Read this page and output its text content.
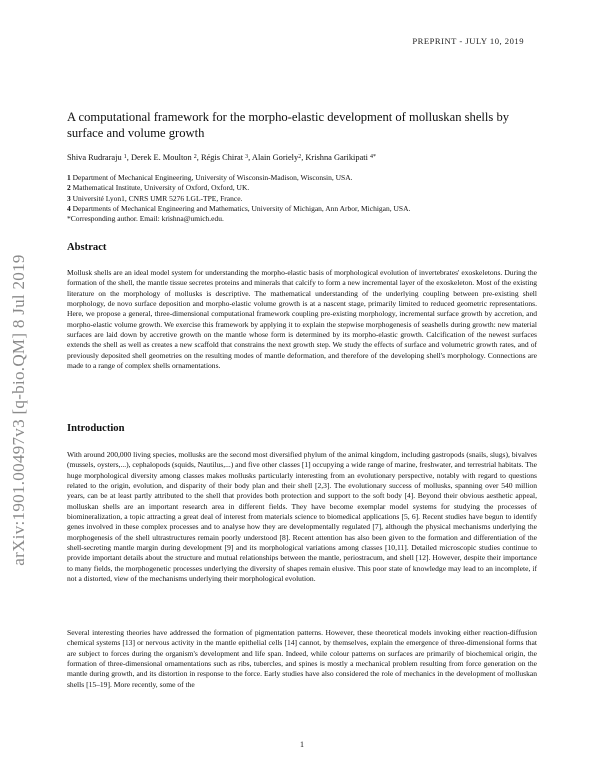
PREPRINT - JULY 10, 2019
arXiv:1901.00497v3 [q-bio.QM] 8 Jul 2019
A computational framework for the morpho-elastic development of molluskan shells by surface and volume growth
Shiva Rudraraju $^1$, Derek E. Moulton $^2$, Régis Chirat $^3$, Alain Goriely$^2$, Krishna Garikipati $^{4*}$
1 Department of Mechanical Engineering, University of Wisconsin-Madison, Wisconsin, USA.
2 Mathematical Institute, University of Oxford, Oxford, UK.
3 Université Lyon1, CNRS UMR 5276 LGL-TPE, France.
4 Departments of Mechanical Engineering and Mathematics, University of Michigan, Ann Arbor, Michigan, USA.
*Corresponding author. Email: krishna@umich.edu.
Abstract

Mollusk shells are an ideal model system for understanding the morpho-elastic basis of morphological evolution of invertebrates' exoskeletons. During the formation of the shell, the mantle tissue secretes proteins and minerals that calcify to form a new incremental layer of the exoskeleton. Most of the existing literature on the morphology of mollusks is descriptive. The mathematical understanding of the underlying coupling between pre-existing shell morphology, de novo surface deposition and morpho-elastic volume growth is at a nascent stage, primarily limited to reduced geometric representations. Here, we propose a general, three-dimensional computational framework coupling pre-existing morphology, incremental surface growth by accretion, and morpho-elastic volume growth. We exercise this framework by applying it to explain the stepwise morphogenesis of seashells during growth: new material surfaces are laid down by accretive growth on the mantle whose form is determined by its morpho-elastic growth. Calcification of the newest surfaces extends the shell as well as creates a new scaffold that constrains the next growth step. We study the effects of surface and volumetric growth rates, and of previously deposited shell geometries on the resulting modes of mantle deformation, and therefore of the developing shell's morphology. Connections are made to a range of complex shells ornamentations.

Introduction

With around 200,000 living species, mollusks are the second most diversified phylum of the animal kingdom, including gastropods (snails, slugs), bivalves (mussels, oysters,...), cephalopods (squids, Nautilus,...) and five other classes [1] occupying a wide range of marine, freshwater, and terrestrial habitats. The huge morphological diversity among classes makes mollusks particularly interesting from an evolutionary perspective, notably with regard to questions related to the origin, evolution, and disparity of their body plan and their shell [2,3]. The evolutionary success of mollusks, spanning over 540 million years, can be at least partly attributed to the shell that provides both protection and support to the soft body [4]. Beyond their obvious aesthetic appeal, molluskan shells are an important research area in different fields. They have become exemplar model systems for studying the processes of biomineralization, a topic attracting a great deal of interest from materials science to biomedical applications [5, 6]. Recent studies have begun to identify genes involved in these complex processes and to analyse how they are developmentally regulated [7], although the physical mechanisms underlying the morphogenesis of the shell ultrastructures remain poorly understood [8]. Recent attention has also been given to the formation and differentiation of the shell-secreting mantle margin during development [9] and its morphological variations among classes [10,11]. Detailed microscopic studies continue to provide important details about the structure and mutual relationships between the mantle, periostracum, and shell [12]. However, despite their importance to many fields, the morphogenetic processes underlying the diversity of shapes remain elusive. This poor state of knowledge may lead to an incomplete, if not a distorted, view of the mechanisms underlying their morphological evolution.

Several interesting theories have addressed the formation of pigmentation patterns. However, these theoretical models invoking either reaction-diffusion chemical systems [13] or nervous activity in the mantle epithelial cells [14] cannot, by themselves, explain the emergence of three-dimensional forms that are subject to forces during the organism's development and life span. Indeed, while colour patterns on surfaces are primarily of biochemical origin, the formation of three-dimensional ornamentations such as ribs, tubercles, and spines is mostly a mechanical problem resulting from force generation on the mantle during growth, and its distortion in response to the force. Early studies have also considered the role of mechanics in the development of molluskan shells [15–19]. More recently, some of the

1
